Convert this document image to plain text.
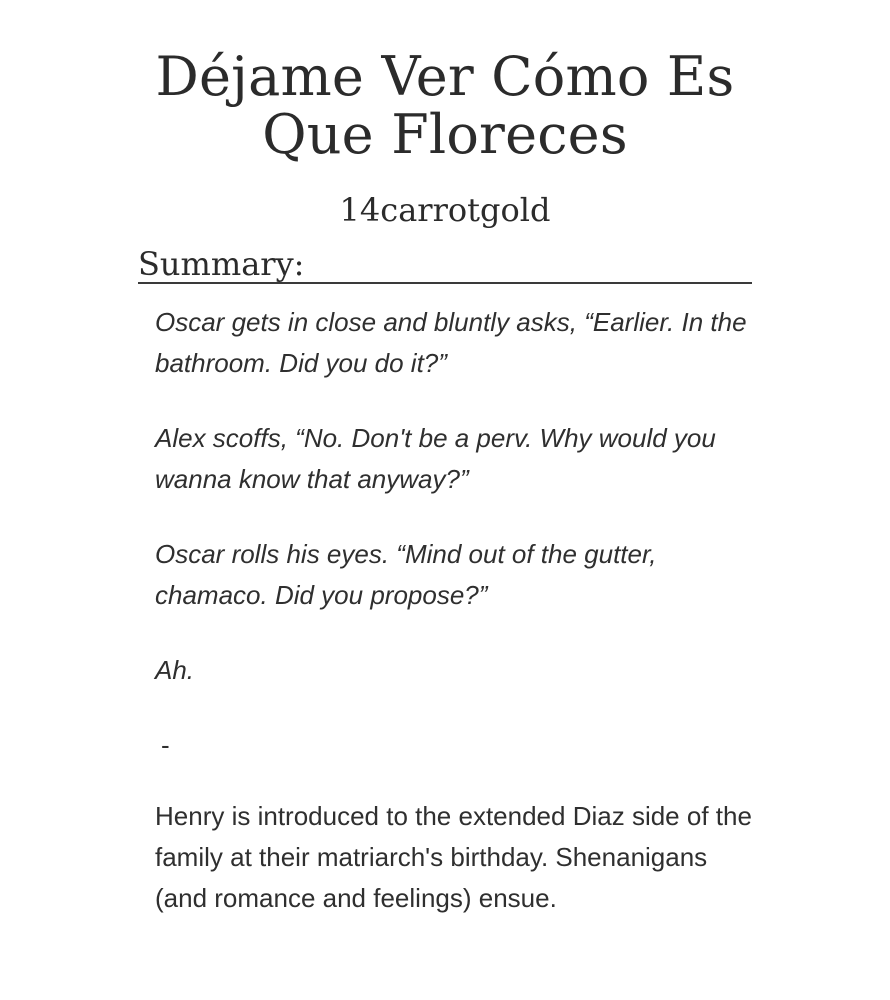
Déjame Ver Cómo Es Que Floreces
14carrotgold
Summary:

Oscar gets in close and bluntly asks, “Earlier. In the bathroom. Did you do it?”

Alex scoffs, “No. Don't be a perv. Why would you wanna know that anyway?”

Oscar rolls his eyes. “Mind out of the gutter, chamaco. Did you propose?”

Ah.

-

Henry is introduced to the extended Diaz side of the family at their matriarch's birthday. Shenanigans (and romance and feelings) ensue.
